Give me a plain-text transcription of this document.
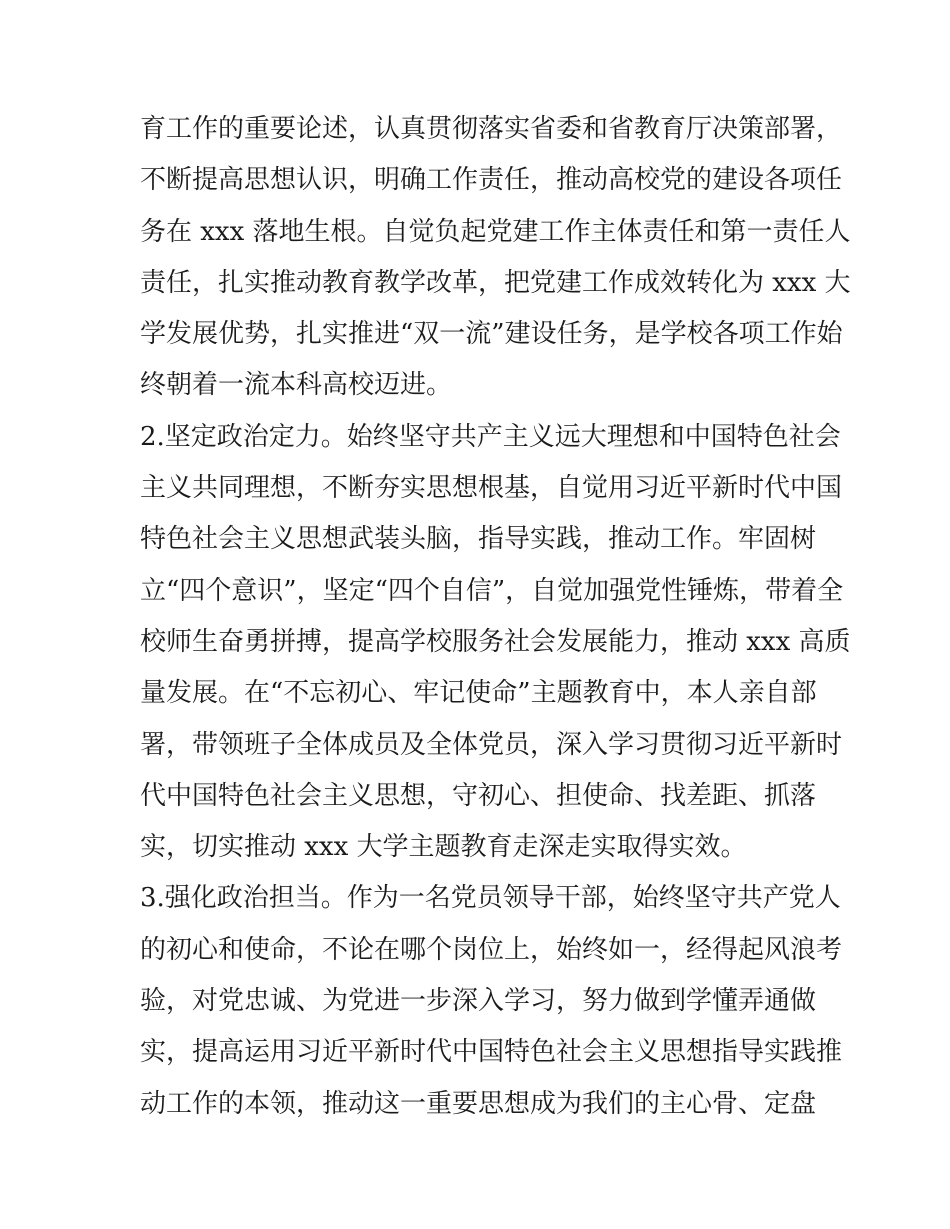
育工作的重要论述，认真贯彻落实省委和省教育厅决策部署，
不断提高思想认识，明确工作责任，推动高校党的建设各项任
务在 xxx 落地生根。自觉负起党建工作主体责任和第一责任人
责任，扎实推动教育教学改革，把党建工作成效转化为 xxx 大
学发展优势，扎实推进“双一流”建设任务，是学校各项工作始
终朝着一流本科高校迈进。
2.坚定政治定力。始终坚守共产主义远大理想和中国特色社会
主义共同理想，不断夯实思想根基，自觉用习近平新时代中国
特色社会主义思想武装头脑，指导实践，推动工作。牢固树
立“四个意识”，坚定“四个自信”，自觉加强党性锤炼，带着全
校师生奋勇拼搏，提高学校服务社会发展能力，推动 xxx 高质
量发展。在“不忘初心、牢记使命”主题教育中，本人亲自部
署，带领班子全体成员及全体党员，深入学习贯彻习近平新时
代中国特色社会主义思想，守初心、担使命、找差距、抓落
实，切实推动 xxx 大学主题教育走深走实取得实效。
3.强化政治担当。作为一名党员领导干部，始终坚守共产党人
的初心和使命，不论在哪个岗位上，始终如一，经得起风浪考
验，对党忠诚、为党进一步深入学习，努力做到学懂弄通做
实，提高运用习近平新时代中国特色社会主义思想指导实践推
动工作的本领，推动这一重要思想成为我们的主心骨、定盘
